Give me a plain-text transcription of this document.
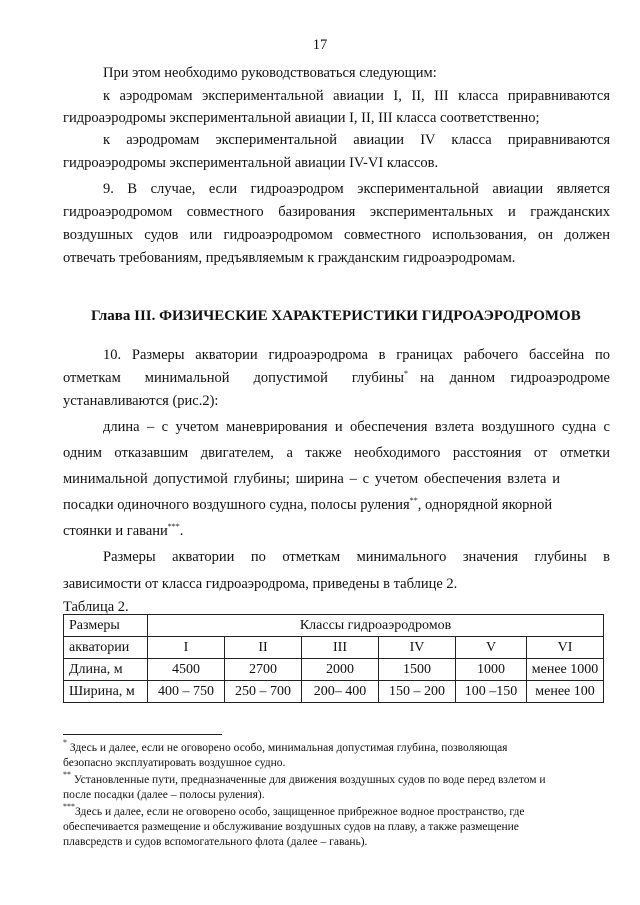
17
При этом необходимо руководствоваться следующим:
к аэродромам экспериментальной авиации I, II, III класса приравниваются
гидроаэродромы экспериментальной авиации I, II, III класса соответственно;
к аэродромам экспериментальной авиации IV класса приравниваются
гидроаэродромы экспериментальной авиации IV-VI классов.
9. В случае, если гидроаэродром экспериментальной авиации является
гидроаэродромом совместного базирования экспериментальных и гражданских
воздушных судов или гидроаэродромом совместного использования, он должен
отвечать требованиям, предъявляемым к гражданским гидроаэродромам.
Глава III. ФИЗИЧЕСКИЕ ХАРАКТЕРИСТИКИ ГИДРОАЭРОДРОМОВ
10. Размеры акватории гидроаэродрома в границах рабочего бассейна по
отметкам минимальной допустимой глубины* на данном гидроаэродроме
устанавливаются (рис.2):
длина – с учетом маневрирования и обеспечения взлета воздушного судна с
одним отказавшим двигателем, а также необходимого расстояния от отметки
минимальной допустимой глубины; ширина – с учетом обеспечения взлета и
посадки одиночного воздушного судна, полосы руления**, однорядной якорной
стоянки и гавани***.
Размеры акватории по отметкам минимального значения глубины в
зависимости от класса гидроаэродрома, приведены в таблице 2.
Таблица 2.
Размеры	Классы гидроаэродромов					
акватории	I	II	III	IV	V	VI
Длина, м	4500	2700	2000	1500	1000	менее 1000
Ширина, м	400 – 750	250 – 700	200– 400	150 – 200	100 –150	менее 100
* Здесь и далее, если не оговорено особо, минимальная допустимая глубина, позволяющая
безопасно эксплуатировать воздушное судно.
** Установленные пути, предназначенные для движения воздушных судов по воде перед взлетом и
после посадки (далее – полосы руления).
***Здесь и далее, если не оговорено особо, защищенное прибрежное водное пространство, где
обеспечивается размещение и обслуживание воздушных судов на плаву, а также размещение
плавсредств и судов вспомогательного флота (далее – гавань).
